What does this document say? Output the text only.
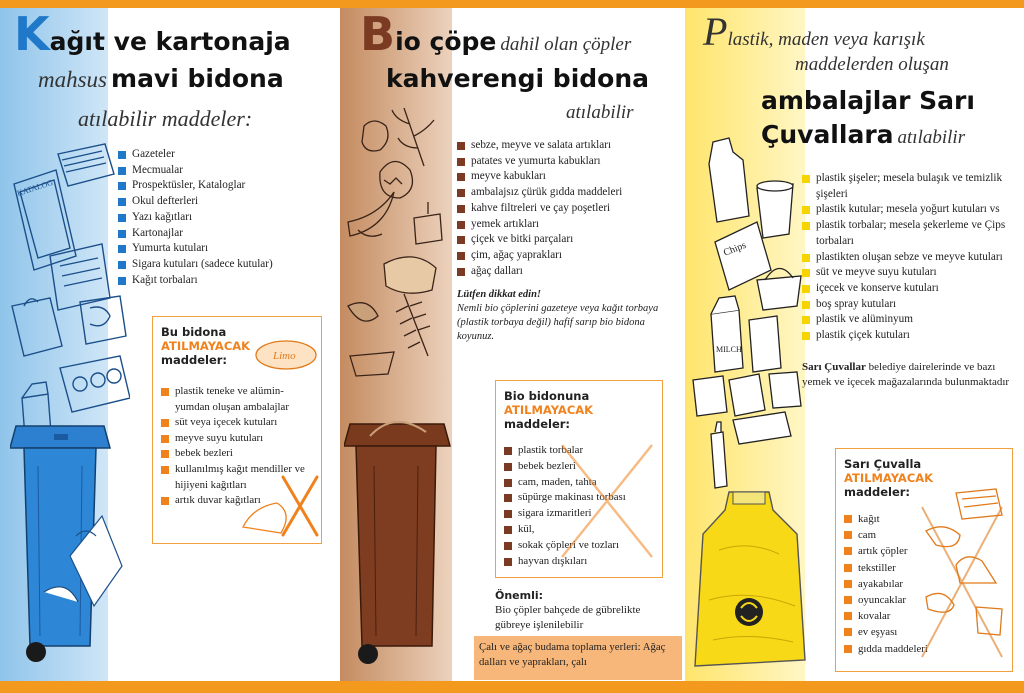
Kağıt ve kartonaja
mahsus mavi bidona
atılabilir maddeler:
Gazeteler
Mecmualar
Prospektüsler, Kataloglar
Okul defterleri
Yazı kağıtları
Kartonajlar
Yumurta kutuları
Sigara kutuları (sadece kutular)
Kağıt torbaları
KATALOG
Bu bidona
ATILMAYACAK
maddeler:
plastik teneke ve alümin-yumdan oluşan ambalajlar
süt veya içecek kutuları
meyve suyu kutuları
bebek bezleri
kullanılmış kağıt mendiller ve hijiyeni kağıtları
artık duvar kağıtları
Limo
Bio çöpe dahil olan çöpler
kahverengi bidona
atılabilir
sebze, meyve ve salata artıkları
patates ve yumurta kabukları
meyve kabukları
ambalajsız çürük gıdda maddeleri
kahve filtreleri ve çay poşetleri
yemek artıkları
çiçek ve bitki parçaları
çim, ağaç yaprakları
ağaç dalları
Lütfen dikkat edin!
Nemli bio çöplerini gazeteye veya kağıt torbaya (plastik torbaya değil) hafif sarıp bio bidona koyunuz.
Bio bidonuna
ATILMAYACAK
maddeler:
plastik torbalar
bebek bezleri
cam, maden, tahta
süpürge makinası torbası
sigara izmaritleri
kül,
sokak çöpleri ve tozları
hayvan dışkıları
Önemli:
Bio çöpler bahçede de gübrelikte gübreye işlenilebilir
Çalı ve ağaç budama toplama yerleri: Ağaç dalları ve yaprakları, çalı
Plastik, maden veya karışık
maddelerden oluşan
ambalajlar Sarı
Çuvallara atılabilir
plastik şişeler; mesela bulaşık ve temizlik şişeleri
plastik kutular; mesela yoğurt kutuları vs
plastik torbalar; mesela şekerleme ve Çips torbaları
plastikten oluşan sebze ve meyve kutuları
süt ve meyve suyu kutuları
içecek ve konserve kutuları
boş spray kutuları
plastik ve alüminyum
plastik çiçek kutuları
Sarı Çuvallar belediye dairelerinde ve bazı yemek ve içecek mağazalarında bulunmaktadır
Chips
MILCH
Sarı Çuvalla
ATILMAYACAK
maddeler:
kağıt
cam
artık çöpler
tekstiller
ayakabılar
oyuncaklar
kovalar
ev eşyası
gıdda maddeleri
